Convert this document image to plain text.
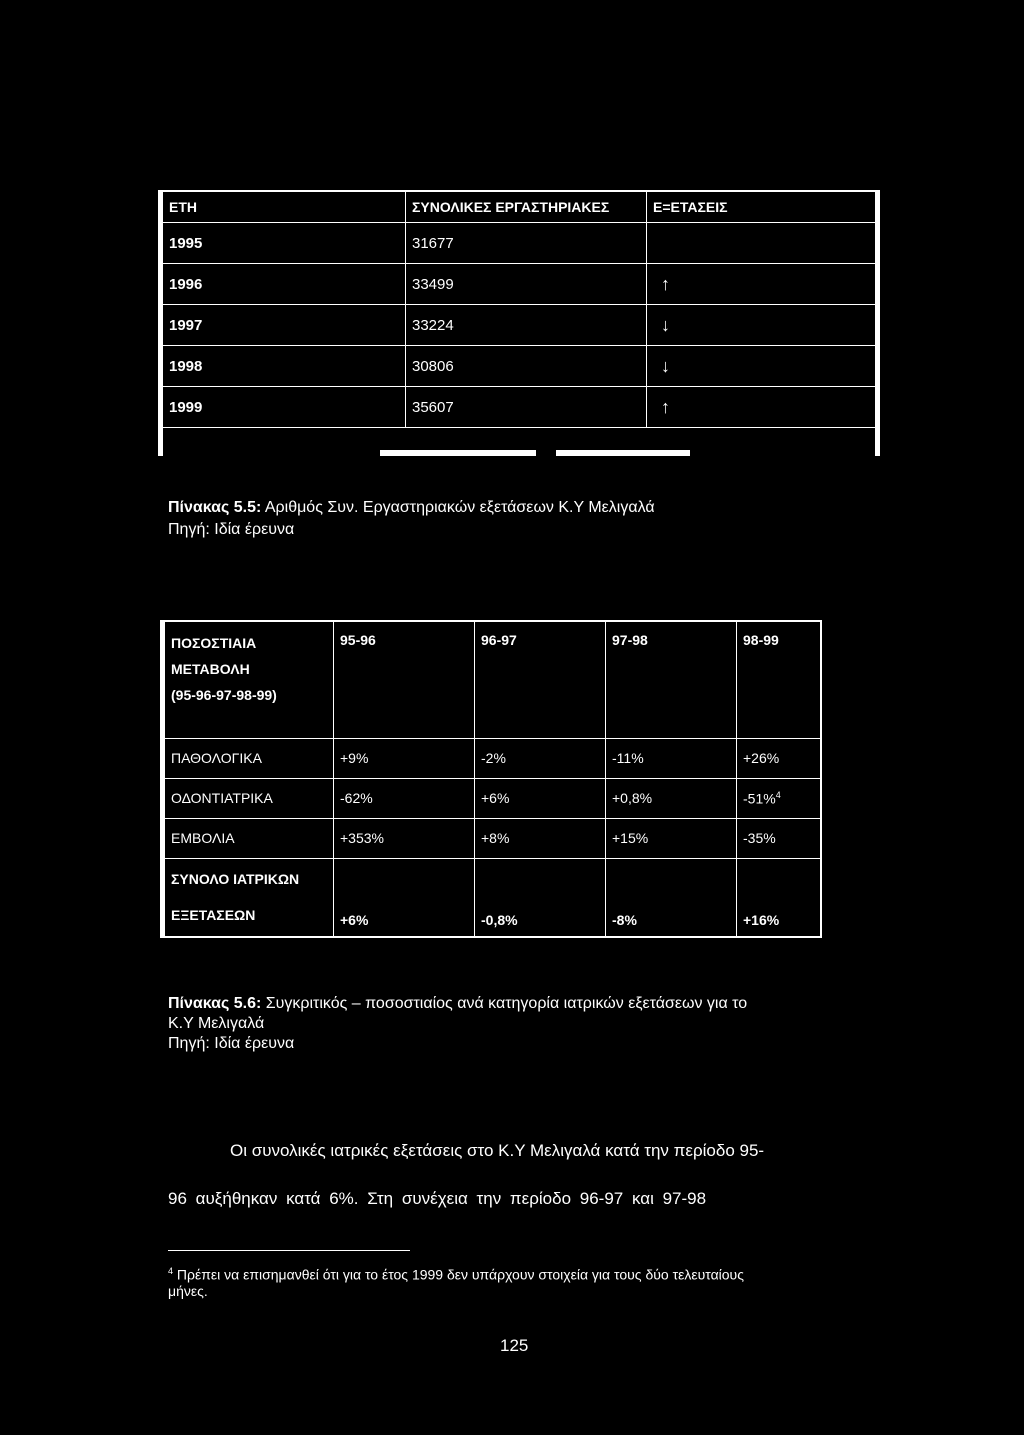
ΕΤΗ	ΣΥΝΟΛΙΚΕΣ ΕΡΓΑΣΤΗΡΙΑΚΕΣ	Ε=ΕΤΑΣΕΙΣ
1995	31677	
1996	33499	↑
1997	33224	↓
1998	30806	↓
1999	35607	↑
Πίνακας 5.5: Αριθμός Συν. Εργαστηριακών εξετάσεων Κ.Υ Μελιγαλά
Πηγή: Ιδία έρευνα
ΠΟΣΟΣΤΙΑΙΑ
ΜΕΤΑΒΟΛΗ
(95-96-97-98-99)	95-96	96-97	97-98	98-99
ΠΑΘΟΛΟΓΙΚΑ	+9%	-2%	-11%	+26%
ΟΔΟΝΤΙΑΤΡΙΚΑ	-62%	+6%	+0,8%	-51%$^4$
ΕΜΒΟΛΙΑ	+353%	+8%	+15%	-35%

ΣΥΝΟΛΟ ΙΑΤΡΙΚΩΝ
ΕΞΕΤΑΣΕΩΝ	+6%	-0,8%	-8%	+16%
Πίνακας 5.6: Συγκριτικός – ποσοστιαίος ανά κατηγορία ιατρικών εξετάσεων για το
Κ.Υ Μελιγαλά
Πηγή: Ιδία έρευνα
Οι συνολικές ιατρικές εξετάσεις στο Κ.Υ Μελιγαλά κατά την περίοδο 95-
96 αυξήθηκαν κατά 6%. Στη συνέχεια την περίοδο 96-97 και 97-98
$^4$ Πρέπει να επισημανθεί ότι για το έτος 1999 δεν υπάρχουν στοιχεία για τους δύο τελευταίους
μήνες.
125
